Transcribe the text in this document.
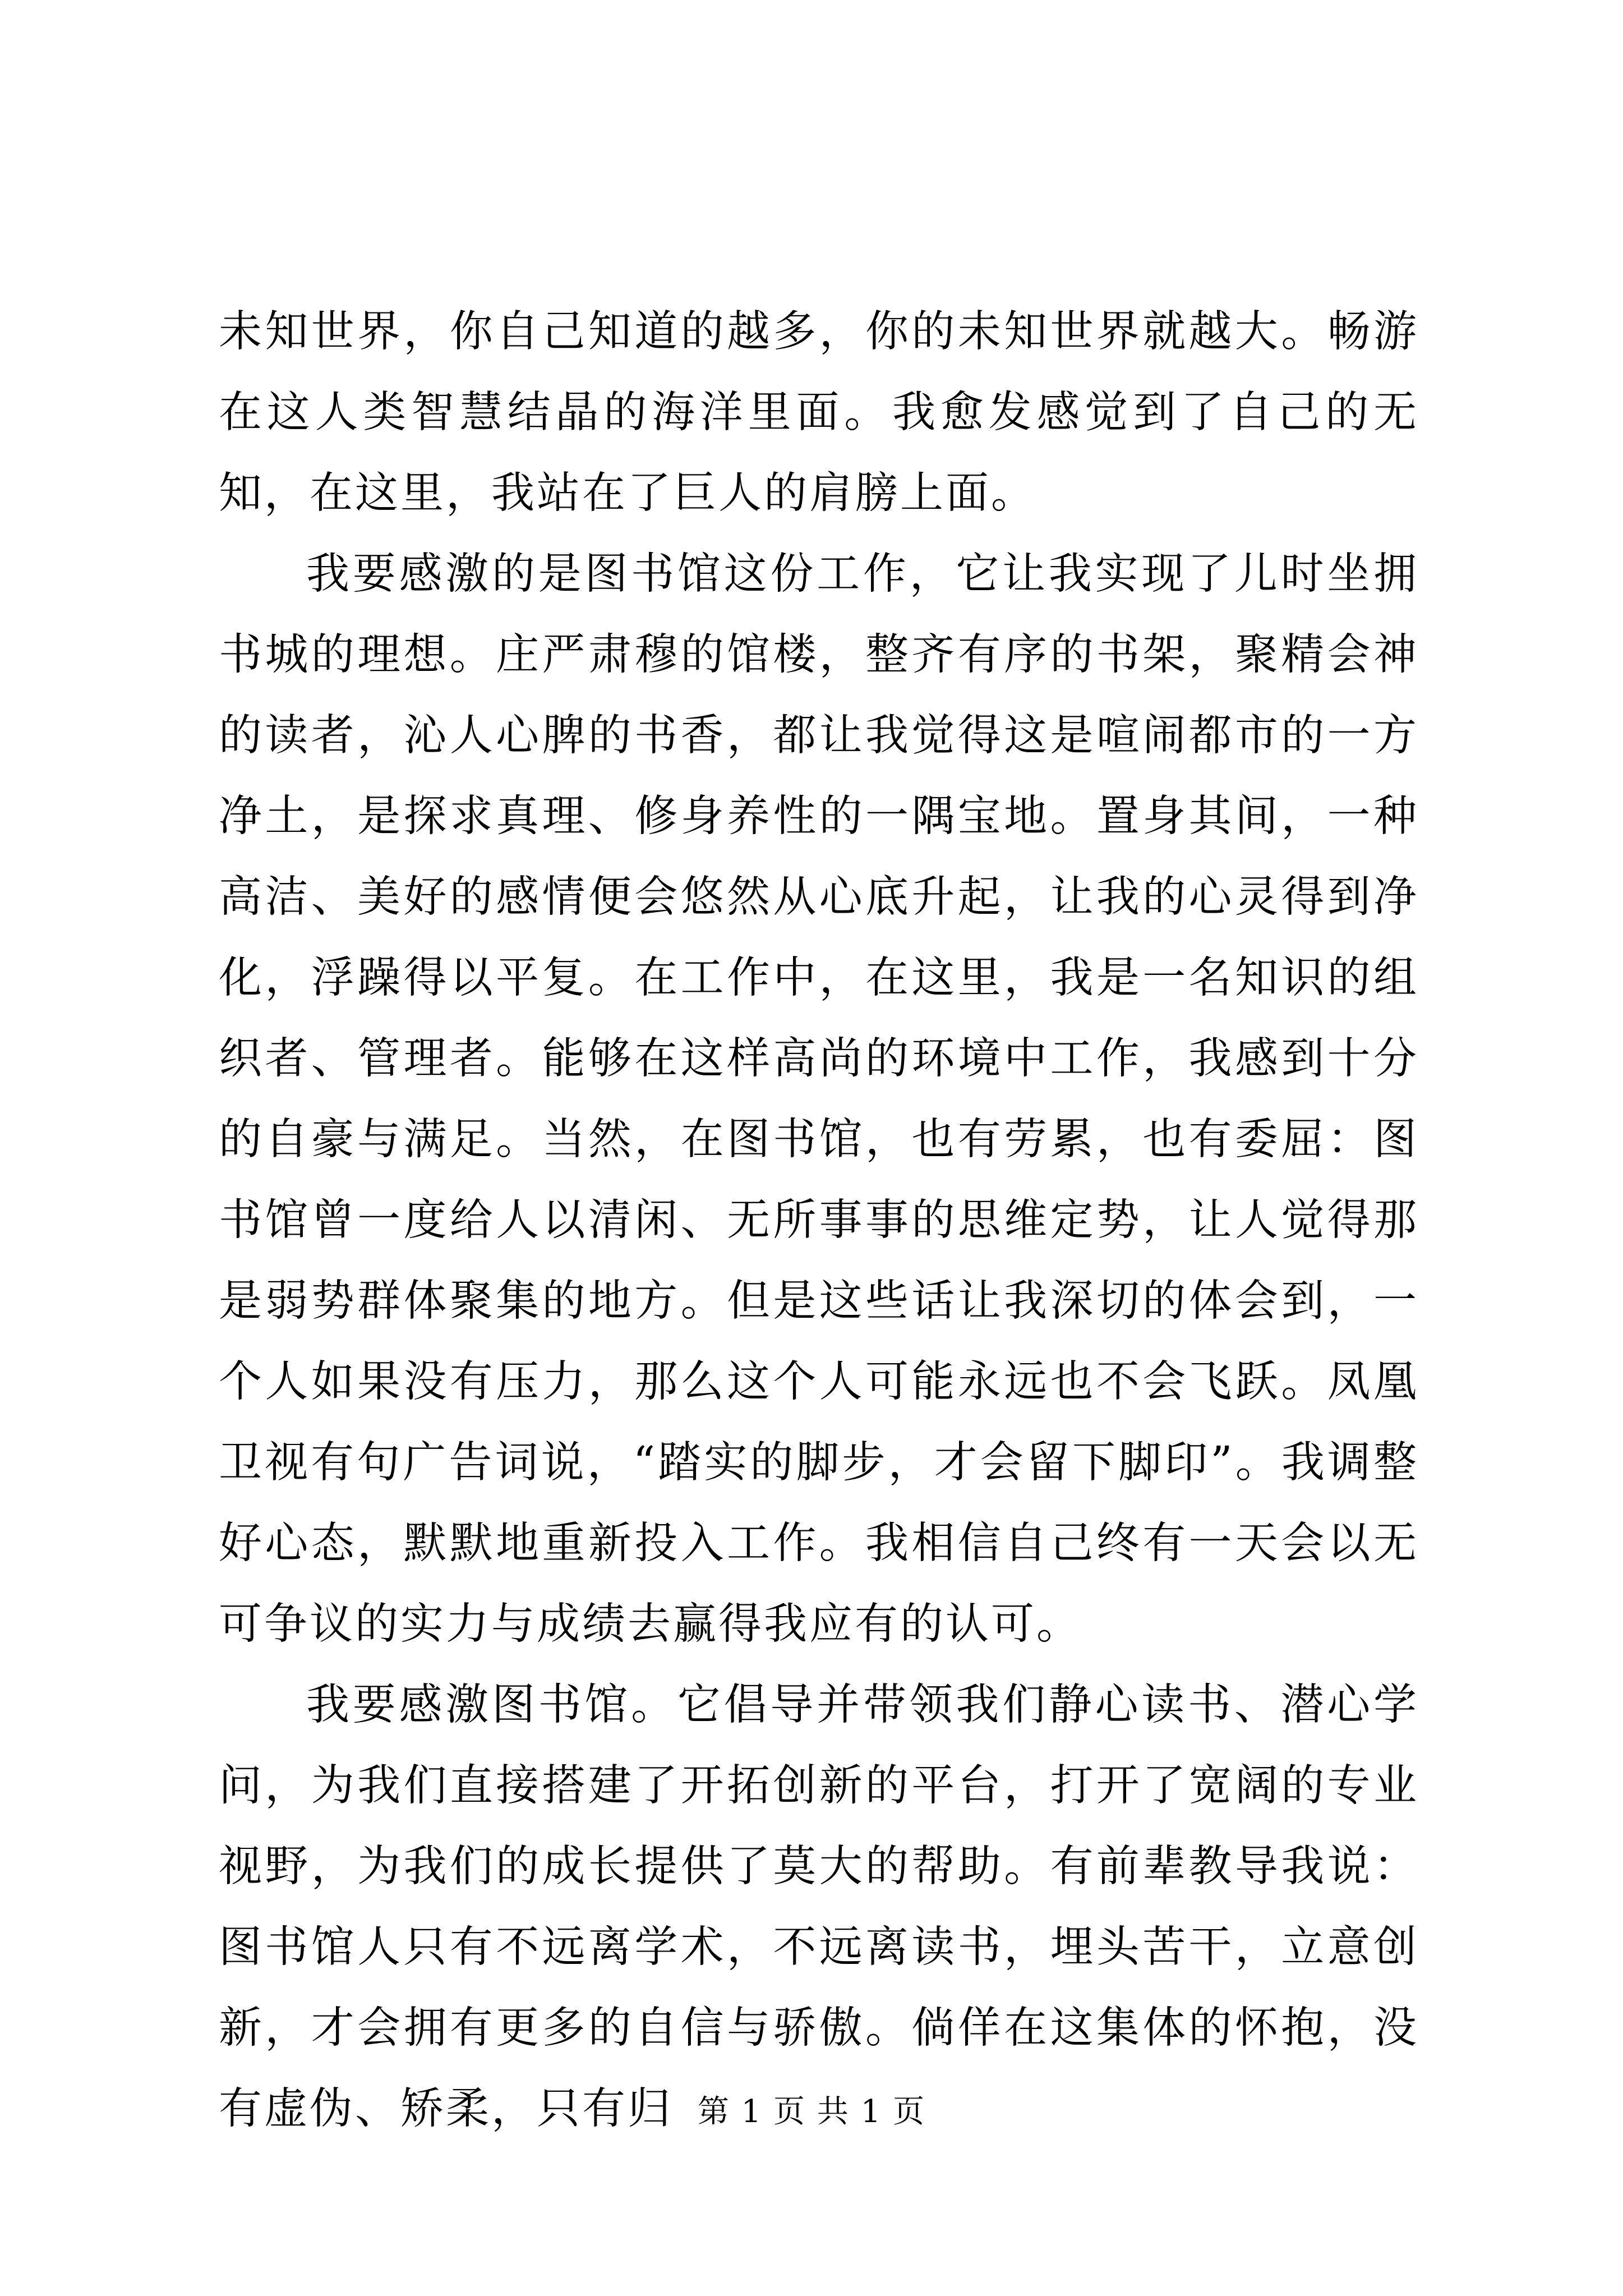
未知世界，你自己知道的越多，你的未知世界就越大。畅游在这人类智慧结晶的海洋里面。我愈发感觉到了自己的无知，在这里，我站在了巨人的肩膀上面。

我要感激的是图书馆这份工作，它让我实现了儿时坐拥书城的理想。庄严肃穆的馆楼，整齐有序的书架，聚精会神的读者，沁人心脾的书香，都让我觉得这是喧闹都市的一方净土，是探求真理、修身养性的一隅宝地。置身其间，一种高洁、美好的感情便会悠然从心底升起，让我的心灵得到净化，浮躁得以平复。在工作中，在这里，我是一名知识的组织者、管理者。能够在这样高尚的环境中工作，我感到十分的自豪与满足。当然，在图书馆，也有劳累，也有委屈：图书馆曾一度给人以清闲、无所事事的思维定势，让人觉得那是弱势群体聚集的地方。但是这些话让我深切的体会到，一个人如果没有压力，那么这个人可能永远也不会飞跃。凤凰卫视有句广告词说，“踏实的脚步，才会留下脚印”。我调整好心态，默默地重新投入工作。我相信自己终有一天会以无可争议的实力与成绩去赢得我应有的认可。

我要感激图书馆。它倡导并带领我们静心读书、潜心学问，为我们直接搭建了开拓创新的平台，打开了宽阔的专业视野，为我们的成长提供了莫大的帮助。有前辈教导我说：图书馆人只有不远离学术，不远离读书，埋头苦干，立意创新，才会拥有更多的自信与骄傲。倘佯在这集体的怀抱，没有虚伪、矫柔，只有归 第 1 页 共 1 页
